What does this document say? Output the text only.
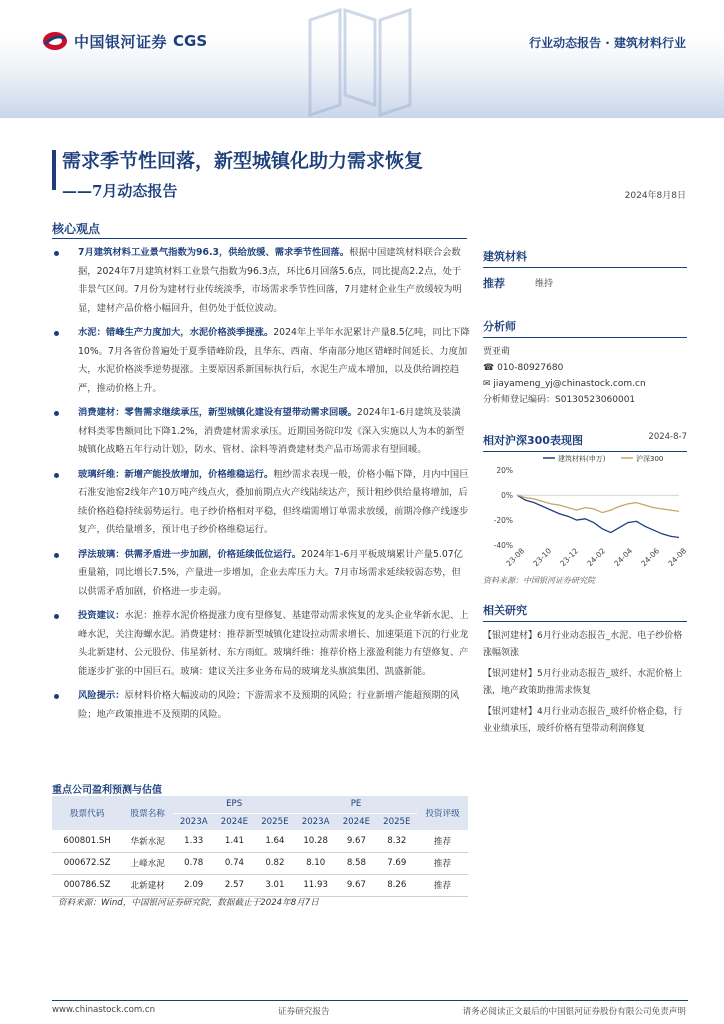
中国银河证券 CGS	行业动态报告 · 建筑材料行业
需求季节性回落，新型城镇化助力需求恢复
——7月动态报告	2024年8月8日
核心观点
7月建筑材料工业景气指数为96.3，供给放缓、需求季节性回落。根据中国建筑材料联合会数据，2024年7月建筑材料工业景气指数为96.3点，环比6月回落5.6点，同比提高2.2点，处于非景气区间。7月份为建材行业传统淡季，市场需求季节性回落，7月建材企业生产放缓较为明显，建材产品价格小幅回升，但仍处于低位波动。
水泥：错峰生产力度加大，水泥价格淡季提涨。2024年上半年水泥累计产量8.5亿吨，同比下降10%。7月各省份普遍处于夏季错峰阶段，且华东、西南、华南部分地区错峰时间延长、力度加大，水泥价格淡季逆势提涨。主要原因系新国标执行后，水泥生产成本增加，以及供给调控趋严，推动价格上升。
消费建材：零售需求继续承压，新型城镇化建设有望带动需求回暖。2024年1-6月建筑及装潢材料类零售额同比下降1.2%，消费建材需求承压。近期国务院印发《深入实施以人为本的新型城镇化战略五年行动计划》，防水、管材、涂料等消费建材类产品市场需求有望回暖。
玻璃纤维：新增产能投放增加，价格维稳运行。粗纱需求表现一般，价格小幅下降，月内中国巨石淮安池窑2线年产10万吨产线点火，叠加前期点火产线陆续达产，预计粗纱供给量将增加，后续价格趋稳持续弱势运行。电子纱价格相对平稳，但终端需增订单需求放缓，前期冷修产线逐步复产，供给量增多，预计电子纱价格维稳运行。
浮法玻璃：供需矛盾进一步加剧，价格延续低位运行。2024年1-6月平板玻璃累计产量5.07亿重量箱，同比增长7.5%，产量进一步增加，企业去库压力大。7月市场需求延续较弱态势，但以供需矛盾加剧，价格进一步走弱。
投资建议：水泥：推荐水泥价格提涨力度有望修复、基建带动需求恢复的龙头企业华新水泥、上峰水泥，关注海螺水泥。消费建材：推荐新型城镇化建设拉动需求增长、加速渠道下沉的行业龙头北新建材、公元股份、伟星新材、东方雨虹。玻璃纤维：推荐价格上涨盈利能力有望修复、产能逐步扩张的中国巨石。玻璃：建议关注多业务布局的玻璃龙头旗滨集团、凯盛新能。
风险提示：原材料价格大幅波动的风险；下游需求不及预期的风险；行业新增产能超预期的风险；地产政策推进不及预期的风险。
建筑材料
推荐	维持
分析师
贾亚萌
☎ 010-80927680
✉ jiayameng_yj@chinastock.com.cn
分析师登记编码：S0130523060001
相对沪深300表现图	2024-8-7
20%
0%
-20%
-40%
建筑材料(申万)	沪深300
23-08 23-10 23-12 24-02 24-04 24-06 24-08
资料来源：中国银河证券研究院
相关研究
【银河建材】6月行业动态报告_水泥、电子纱价格涨幅领涨
【银河建材】5月行业动态报告_玻纤、水泥价格上涨，地产政策助推需求恢复
【银河建材】4月行业动态报告_玻纤价格企稳，行业业绩承压，玻纤价格有望带动利润修复
重点公司盈利预测与估值
股票代码	股票名称	EPS			PE			投资评级
		2023A	2024E	2025E	2023A	2024E	2025E	
600801.SH	华新水泥	1.33	1.41	1.64	10.28	9.67	8.32	推荐
000672.SZ	上峰水泥	0.78	0.74	0.82	8.10	8.58	7.69	推荐
000786.SZ	北新建材	2.09	2.57	3.01	11.93	9.67	8.26	推荐
资料来源：Wind，中国银河证券研究院，数据截止于2024年8月7日
www.chinastock.com.cn	证券研究报告	请务必阅读正文最后的中国银河证券股份有限公司免责声明
